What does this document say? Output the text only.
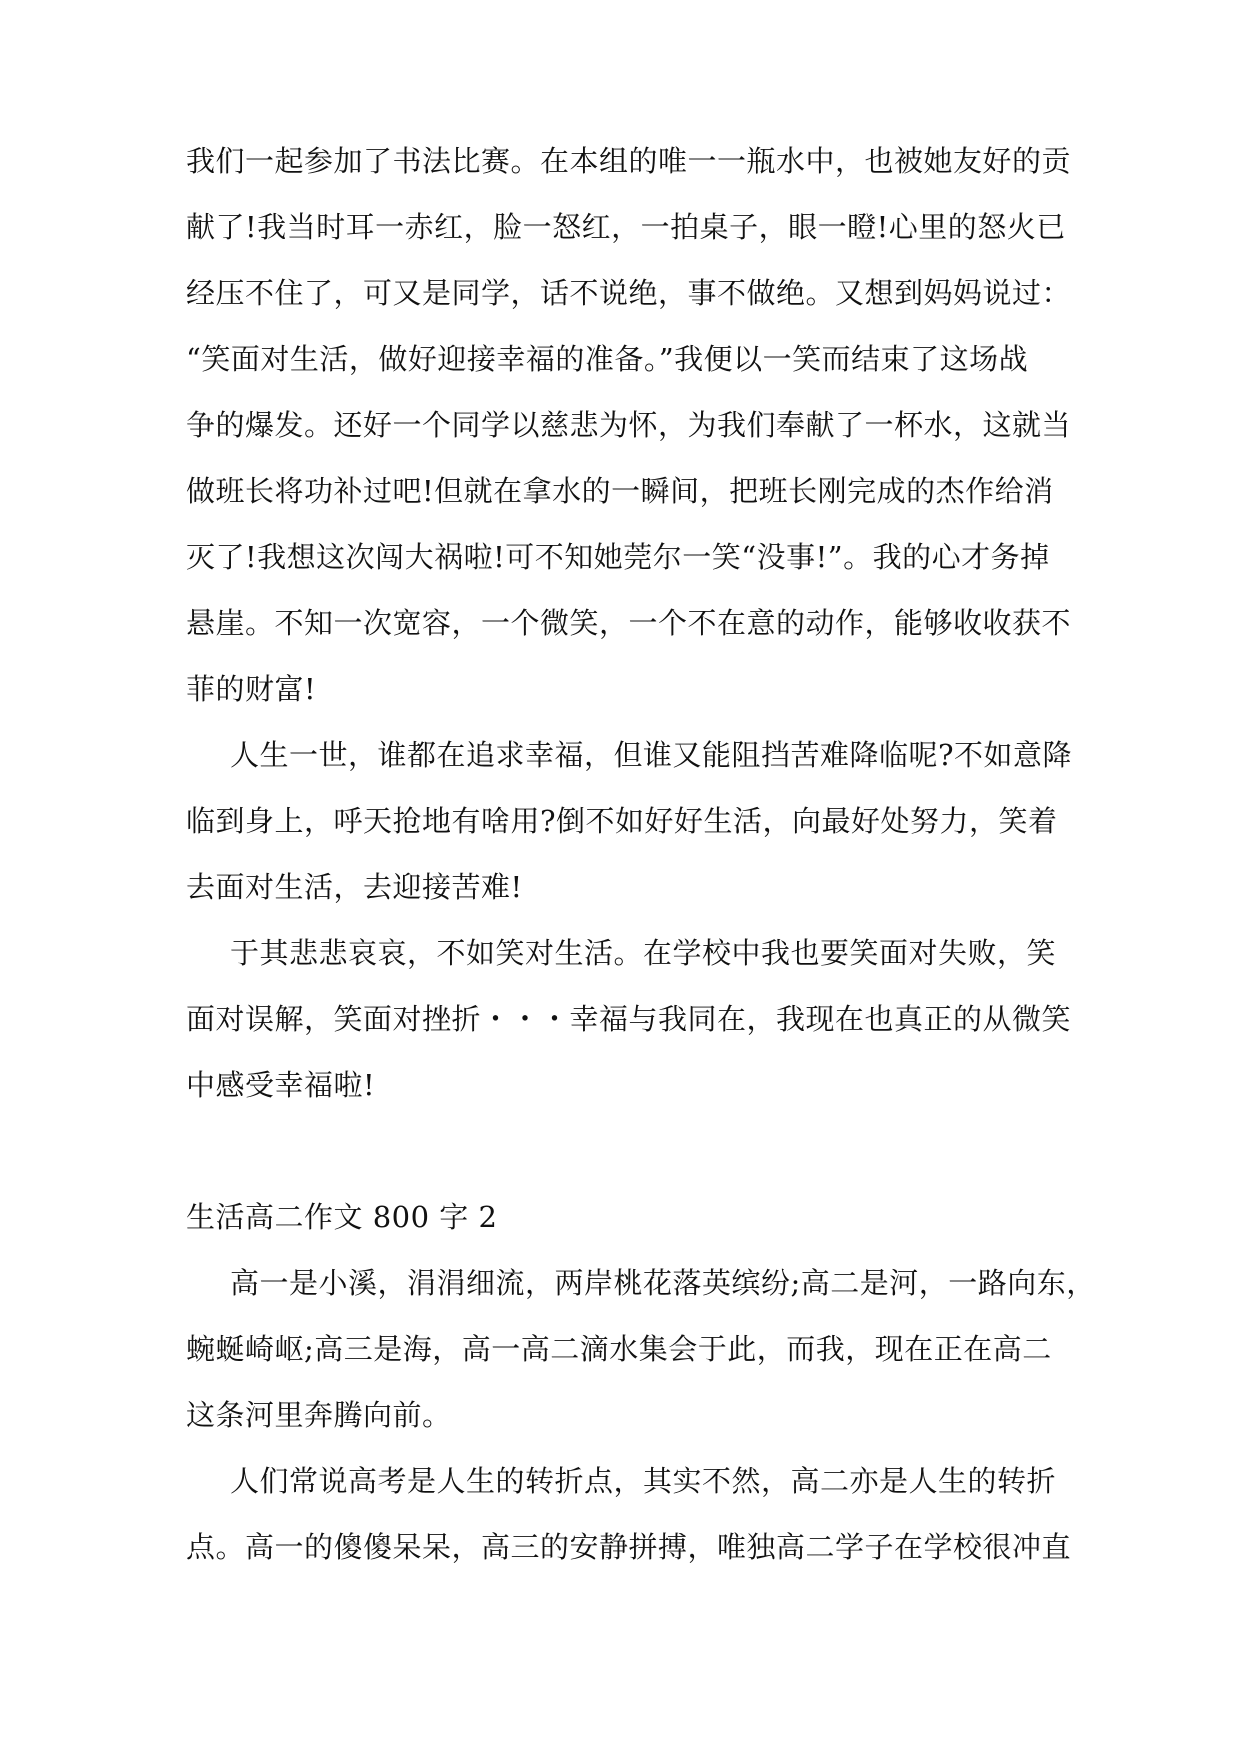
我们一起参加了书法比赛。在本组的唯一一瓶水中，也被她友好的贡
献了!我当时耳一赤红，脸一怒红，一拍桌子，眼一瞪!心里的怒火已
经压不住了，可又是同学，话不说绝，事不做绝。又想到妈妈说过：
“笑面对生活，做好迎接幸福的准备。”我便以一笑而结束了这场战
争的爆发。还好一个同学以慈悲为怀，为我们奉献了一杯水，这就当
做班长将功补过吧!但就在拿水的一瞬间，把班长刚完成的杰作给消
灭了!我想这次闯大祸啦!可不知她莞尔一笑“没事!”。我的心才务掉
悬崖。不知一次宽容，一个微笑，一个不在意的动作，能够收收获不
菲的财富!
人生一世，谁都在追求幸福，但谁又能阻挡苦难降临呢?不如意降
临到身上，呼天抢地有啥用?倒不如好好生活，向最好处努力，笑着
去面对生活，去迎接苦难!
于其悲悲哀哀，不如笑对生活。在学校中我也要笑面对失败，笑
面对误解，笑面对挫折・・・幸福与我同在，我现在也真正的从微笑
中感受幸福啦!
生活高二作文 800 字 2
高一是小溪，涓涓细流，两岸桃花落英缤纷;高二是河，一路向东，
蜿蜒崎岖;高三是海，高一高二滴水集会于此，而我，现在正在高二
这条河里奔腾向前。
人们常说高考是人生的转折点，其实不然，高二亦是人生的转折
点。高一的傻傻呆呆，高三的安静拼搏，唯独高二学子在学校很冲直
